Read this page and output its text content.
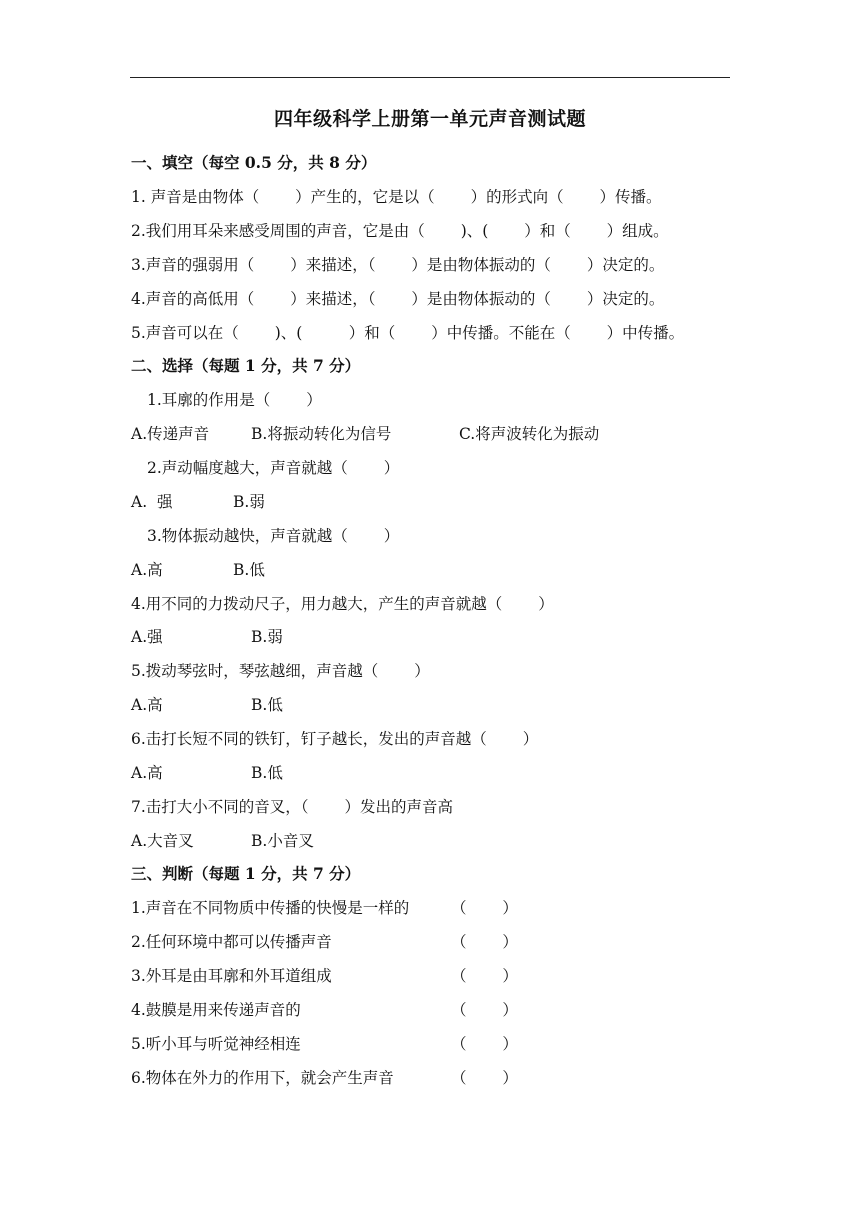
四年级科学上册第一单元声音测试题
一、填空（每空 0.5 分，共 8 分）
1. 声音是由物体（　　 ）产生的，它是以（　　 ）的形式向（　　 ）传播。
2.我们用耳朵来感受周围的声音，它是由（　　 )、(　　 ）和（　　 ）组成。
3.声音的强弱用（　　 ）来描述，（　　 ）是由物体振动的（　　 ）决定的。
4.声音的高低用（　　 ）来描述，（　　 ）是由物体振动的（　　 ）决定的。
5.声音可以在（　　 )、(　　　）和（　　 ）中传播。不能在（　　 ）中传播。
二、选择（每题 1 分，共 7 分）
1.耳廓的作用是（　　 ）
A.传递声音	B.将振动转化为信号	C.将声波转化为振动
2.声动幅度越大，声音就越（　　 ）
A.  强	B.弱
3.物体振动越快，声音就越（　　 ）
A.高	B.低
4.用不同的力拨动尺子，用力越大，产生的声音就越（　　 ）
A.强	B.弱
5.拨动琴弦时，琴弦越细，声音越（　　 ）
A.高	B.低
6.击打长短不同的铁钉，钉子越长，发出的声音越（　　 ）
A.高	B.低
7.击打大小不同的音叉，（　　 ）发出的声音高
A.大音叉	B.小音叉
三、判断（每题 1 分，共 7 分）
1.声音在不同物质中传播的快慢是一样的	（　　 ）
2.任何环境中都可以传播声音	（　　 ）
3.外耳是由耳廓和外耳道组成	（　　 ）
4.鼓膜是用来传递声音的	（　　 ）
5.听小耳与听觉神经相连	（　　 ）
6.物体在外力的作用下，就会产生声音	（　　 ）
